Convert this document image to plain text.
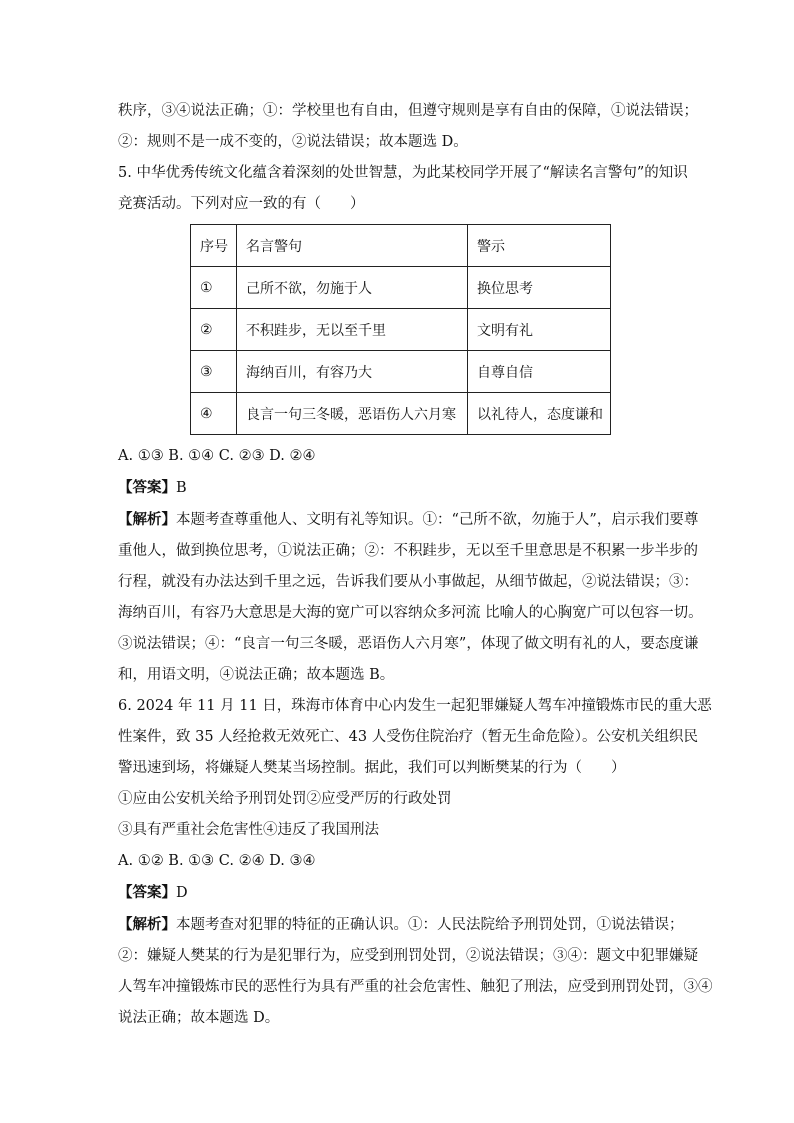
秩序，③④说法正确；①：学校里也有自由，但遵守规则是享有自由的保障，①说法错误；
②：规则不是一成不变的，②说法错误；故本题选 D。
5. 中华优秀传统文化蕴含着深刻的处世智慧，为此某校同学开展了“解读名言警句”的知识
竞赛活动。下列对应一致的有（　　）
序号	名言警句	警示
①	己所不欲，勿施于人	换位思考
②	不积跬步，无以至千里	文明有礼
③	海纳百川，有容乃大	自尊自信
④	良言一句三冬暖，恶语伤人六月寒	以礼待人，态度谦和
A. ①③ B. ①④ C. ②③ D. ②④
【答案】B
【解析】本题考查尊重他人、文明有礼等知识。①：“己所不欲，勿施于人”，启示我们要尊
重他人，做到换位思考，①说法正确；②：不积跬步，无以至千里意思是不积累一步半步的
行程，就没有办法达到千里之远，告诉我们要从小事做起，从细节做起，②说法错误；③：
海纳百川，有容乃大意思是大海的宽广可以容纳众多河流 比喻人的心胸宽广可以包容一切。
③说法错误；④：“良言一句三冬暖，恶语伤人六月寒”，体现了做文明有礼的人，要态度谦
和，用语文明，④说法正确；故本题选 B。
6. 2024 年 11 月 11 日，珠海市体育中心内发生一起犯罪嫌疑人驾车冲撞锻炼市民的重大恶
性案件，致 35 人经抢救无效死亡、43 人受伤住院治疗（暂无生命危险）。公安机关组织民
警迅速到场，将嫌疑人樊某当场控制。据此，我们可以判断樊某的行为（　　）
①应由公安机关给予刑罚处罚②应受严厉的行政处罚
③具有严重社会危害性④违反了我国刑法
A. ①② B. ①③ C. ②④ D. ③④
【答案】D
【解析】本题考查对犯罪的特征的正确认识。①：人民法院给予刑罚处罚，①说法错误；
②：嫌疑人樊某的行为是犯罪行为，应受到刑罚处罚，②说法错误；③④：题文中犯罪嫌疑
人驾车冲撞锻炼市民的恶性行为具有严重的社会危害性、触犯了刑法，应受到刑罚处罚，③④
说法正确；故本题选 D。
